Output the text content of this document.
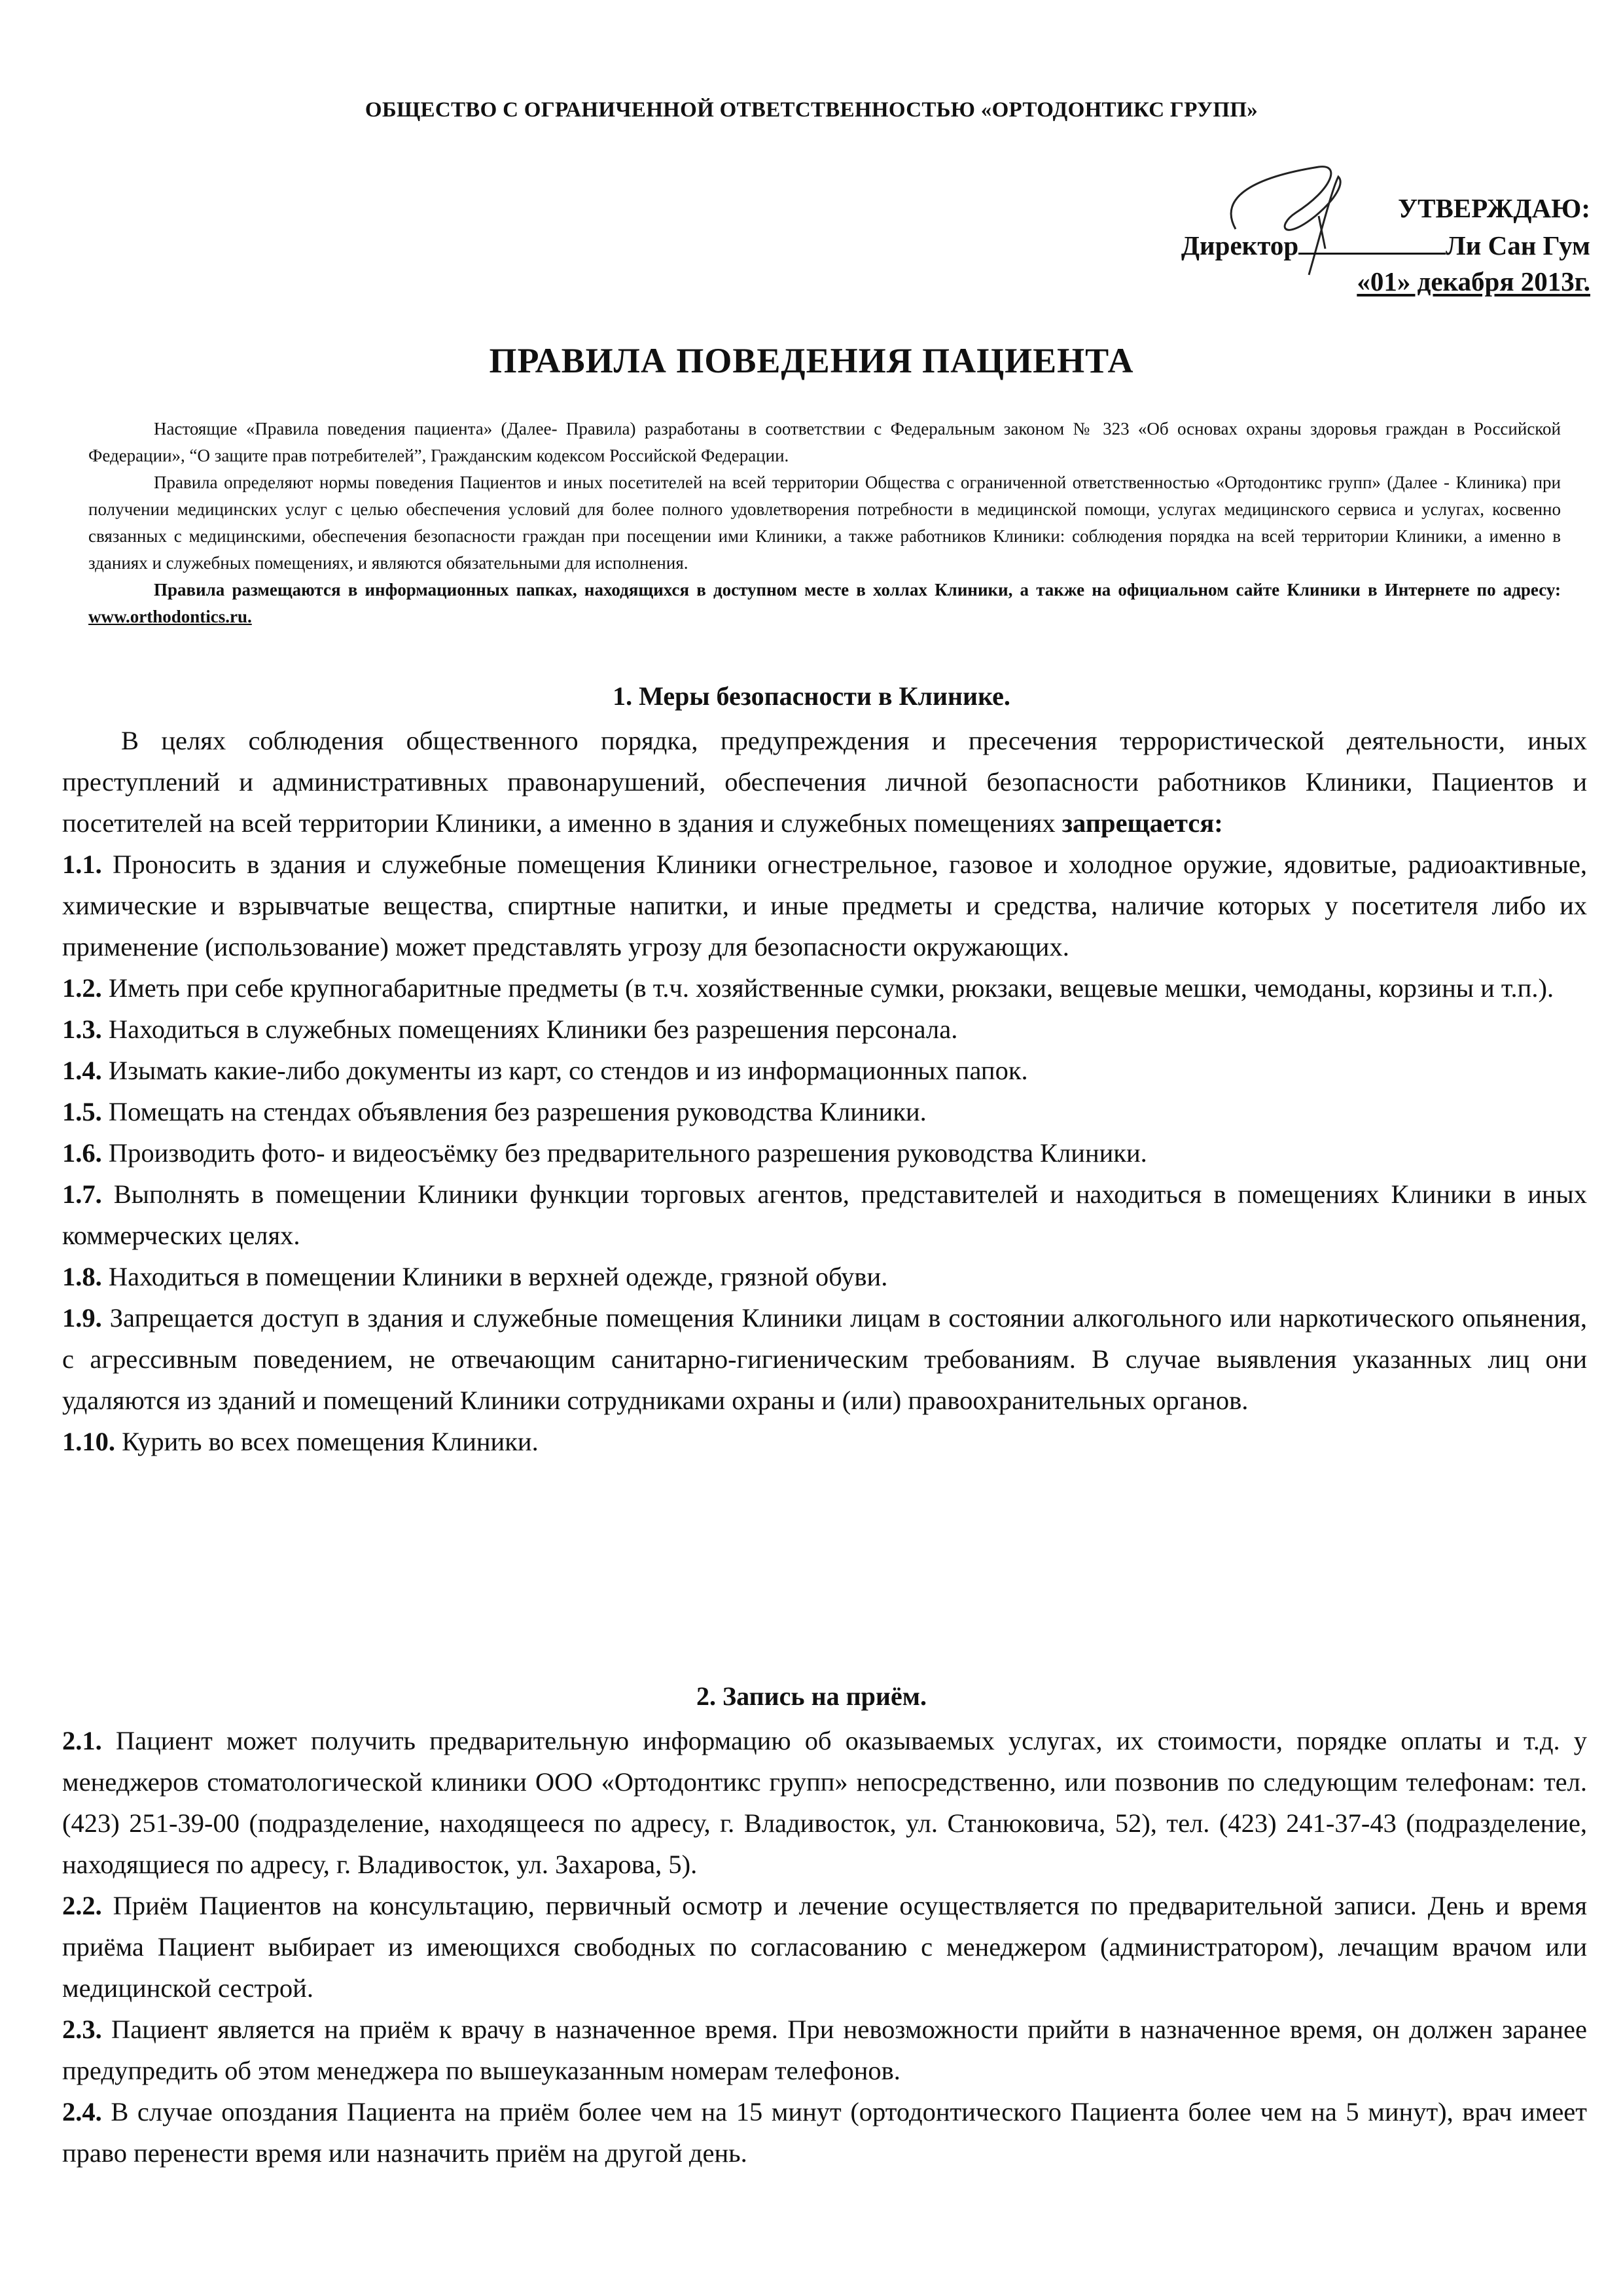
ОБЩЕСТВО С ОГРАНИЧЕННОЙ ОТВЕТСТВЕННОСТЬЮ «ОРТОДОНТИКС ГРУПП»
УТВЕРЖДАЮ:
Директор	Ли Сан Гум
«01» декабря 2013г.
ПРАВИЛА ПОВЕДЕНИЯ ПАЦИЕНТА

Настоящие «Правила поведения пациента» (Далее- Правила) разработаны в соответствии с Федеральным законом № 323 «Об основах охраны здоровья граждан в Российской Федерации», “О защите прав потребителей”, Гражданским кодексом Российской Федерации.

Правила определяют нормы поведения Пациентов и иных посетителей на всей территории Общества с ограниченной ответственностью «Ортодонтикс групп» (Далее - Клиника) при получении медицинских услуг с целью обеспечения условий для более полного удовлетворения потребности в медицинской помощи, услугах медицинского сервиса и услугах, косвенно связанных с медицинскими, обеспечения безопасности граждан при посещении ими Клиники, а также работников Клиники: соблюдения порядка на всей территории Клиники, а именно в зданиях и служебных помещениях, и являются обязательными для исполнения.

Правила размещаются в информационных папках, находящихся в доступном месте в холлах Клиники, а также на официальном сайте Клиники в Интернете по адресу: www.orthodontics.ru.

1. Меры безопасности в Клинике.

В целях соблюдения общественного порядка, предупреждения и пресечения террористической деятельности, иных преступлений и административных правонарушений, обеспечения личной безопасности работников Клиники, Пациентов и посетителей на всей территории Клиники, а именно в здания и служебных помещениях запрещается:

1.1. Проносить в здания и служебные помещения Клиники огнестрельное, газовое и холодное оружие, ядовитые, радиоактивные, химические и взрывчатые вещества, спиртные напитки, и иные предметы и средства, наличие которых у посетителя либо их применение (использование) может представлять угрозу для безопасности окружающих.

1.2. Иметь при себе крупногабаритные предметы (в т.ч. хозяйственные сумки, рюкзаки, вещевые мешки, чемоданы, корзины и т.п.).

1.3. Находиться в служебных помещениях Клиники без разрешения персонала.

1.4. Изымать какие-либо документы из карт, со стендов и из информационных папок.

1.5. Помещать на стендах объявления без разрешения руководства Клиники.

1.6. Производить фото- и видеосъёмку без предварительного разрешения руководства Клиники.

1.7. Выполнять в помещении Клиники функции торговых агентов, представителей и находиться в помещениях Клиники в иных коммерческих целях.

1.8. Находиться в помещении Клиники в верхней одежде, грязной обуви.

1.9. Запрещается доступ в здания и служебные помещения Клиники лицам в состоянии алкогольного или наркотического опьянения, с агрессивным поведением, не отвечающим санитарно-гигиеническим требованиям. В случае выявления указанных лиц они удаляются из зданий и помещений Клиники сотрудниками охраны и (или) правоохранительных органов.

1.10. Курить во всех помещения Клиники.

2. Запись на приём.

2.1. Пациент может получить предварительную информацию об оказываемых услугах, их стоимости, порядке оплаты и т.д. у менеджеров стоматологической клиники ООО «Ортодонтикс групп» непосредственно, или позвонив по следующим телефонам: тел. (423) 251-39-00 (подразделение, находящееся по адресу, г. Владивосток, ул. Станюковича, 52), тел. (423) 241-37-43 (подразделение, находящиеся по адресу, г. Владивосток, ул. Захарова, 5).

2.2. Приём Пациентов на консультацию, первичный осмотр и лечение осуществляется по предварительной записи. День и время приёма Пациент выбирает из имеющихся свободных по согласованию с менеджером (администратором), лечащим врачом или медицинской сестрой.

2.3. Пациент является на приём к врачу в назначенное время. При невозможности прийти в назначенное время, он должен заранее предупредить об этом менеджера по вышеуказанным номерам телефонов.

2.4. В случае опоздания Пациента на приём более чем на 15 минут (ортодонтического Пациента более чем на 5 минут), врач имеет право перенести время или назначить приём на другой день.
